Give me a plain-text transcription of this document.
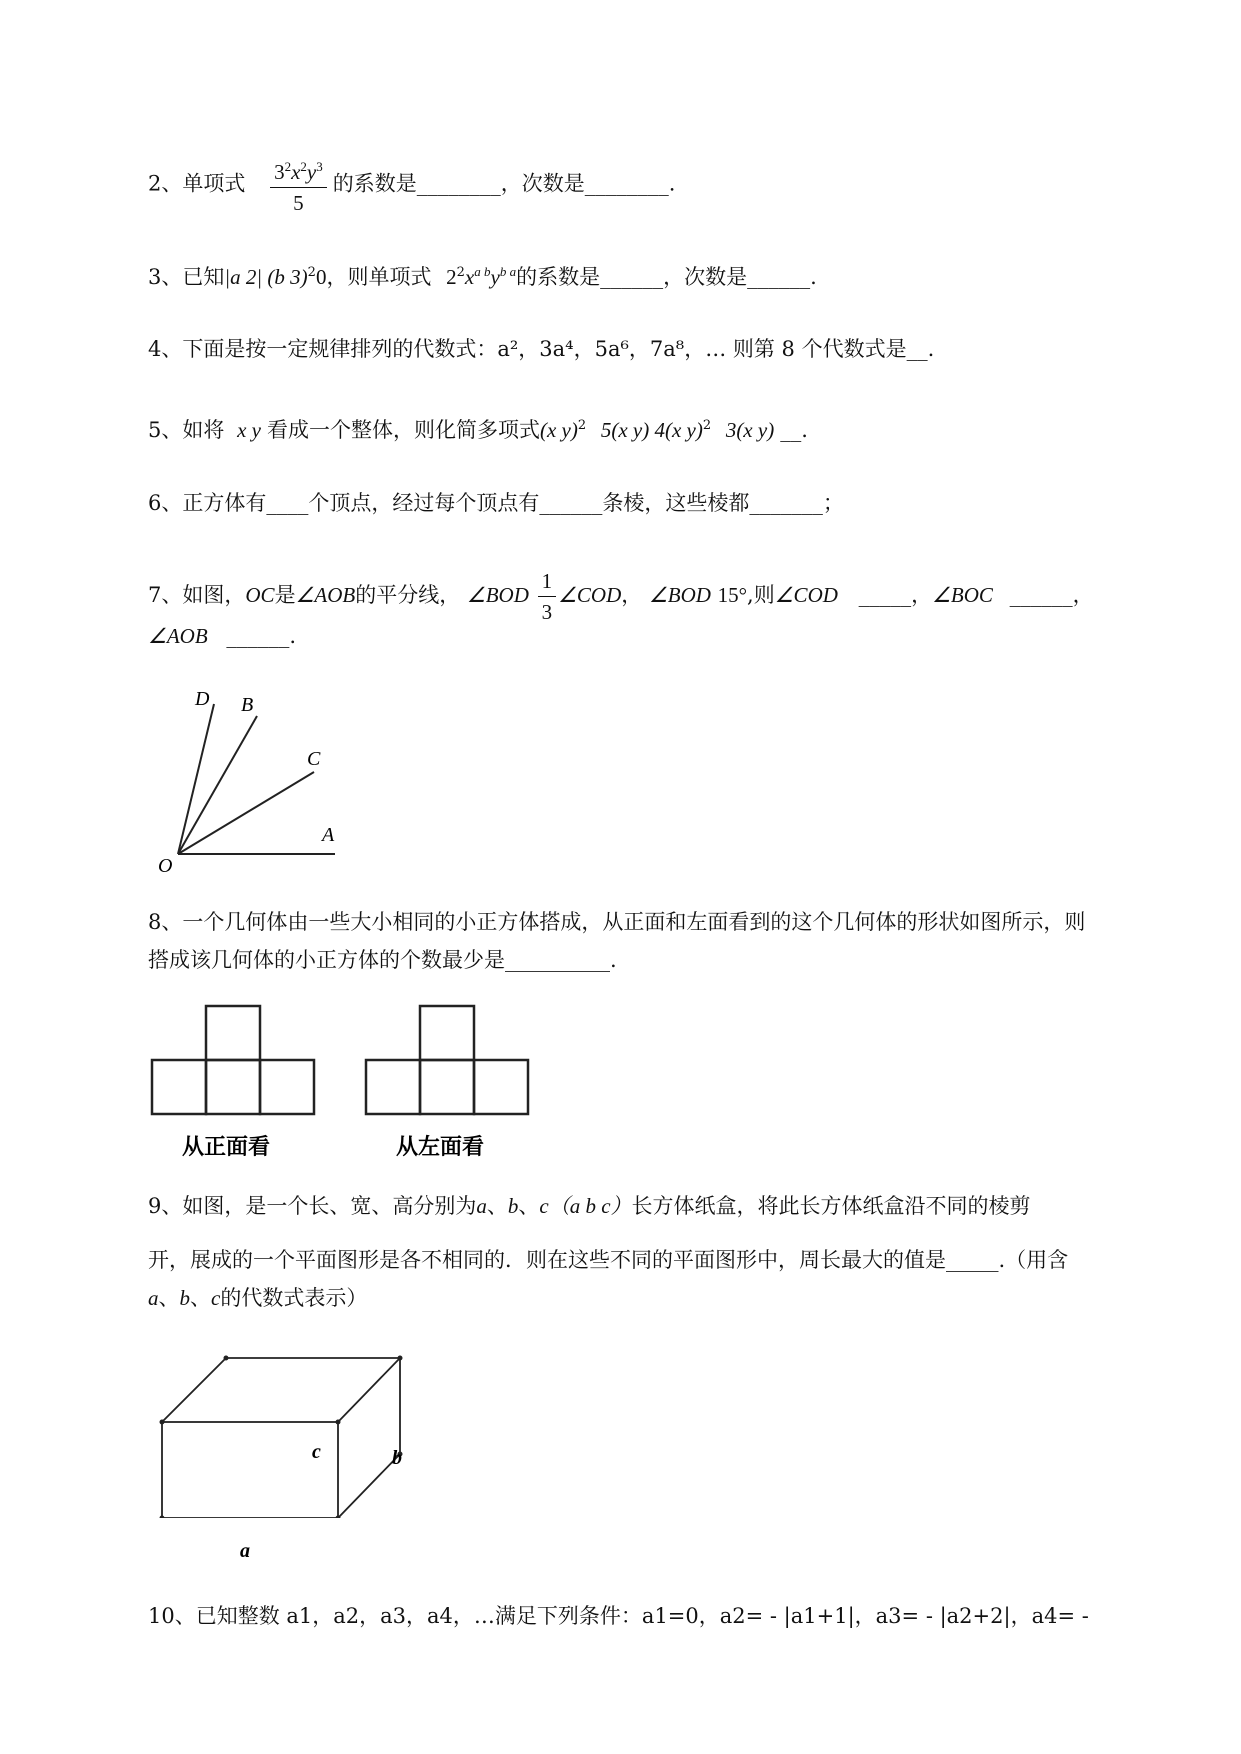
2、单项式 $\frac{3^2x^2y^3}{5}$ 的系数是________，次数是________.
3、已知|a 2| (b 3)$^2$0，则单项式 $2^2x^{a b}y^{b a}$的系数是______，次数是______.
4、下面是按一定规律排列的代数式：a²，3a⁴，5a⁶，7a⁸，… 则第 8 个代数式是__.
5、如将 x y 看成一个整体，则化简多项式(x y)$^2$ 5(x y) 4(x y)$^2$ 3(x y) __.
6、正方体有____个顶点，经过每个顶点有______条棱，这些棱都_______；
7、如图，OC是∠AOB的平分线， ∠BOD $\frac{1}{3}$ ∠COD， ∠BOD 15°,则∠COD _____，∠BOC ______，
∠AOB ______.
O
A
C
B
D
8、一个几何体由一些大小相同的小正方体搭成，从正面和左面看到的这个几何体的形状如图所示，则
搭成该几何体的小正方体的个数最少是__________.
从正面看	从左面看
9、如图，是一个长、宽、高分别为a、b、c（a b c）长方体纸盒，将此长方体纸盒沿不同的棱剪
开，展成的一个平面图形是各不相同的．则在这些不同的平面图形中，周长最大的值是_____.（用含
a、b、c的代数式表示）
c	b
a
10、已知整数 a1，a2，a3，a4，…满足下列条件：a1=0，a2= - |a1+1|，a3= - |a2+2|，a4= -
